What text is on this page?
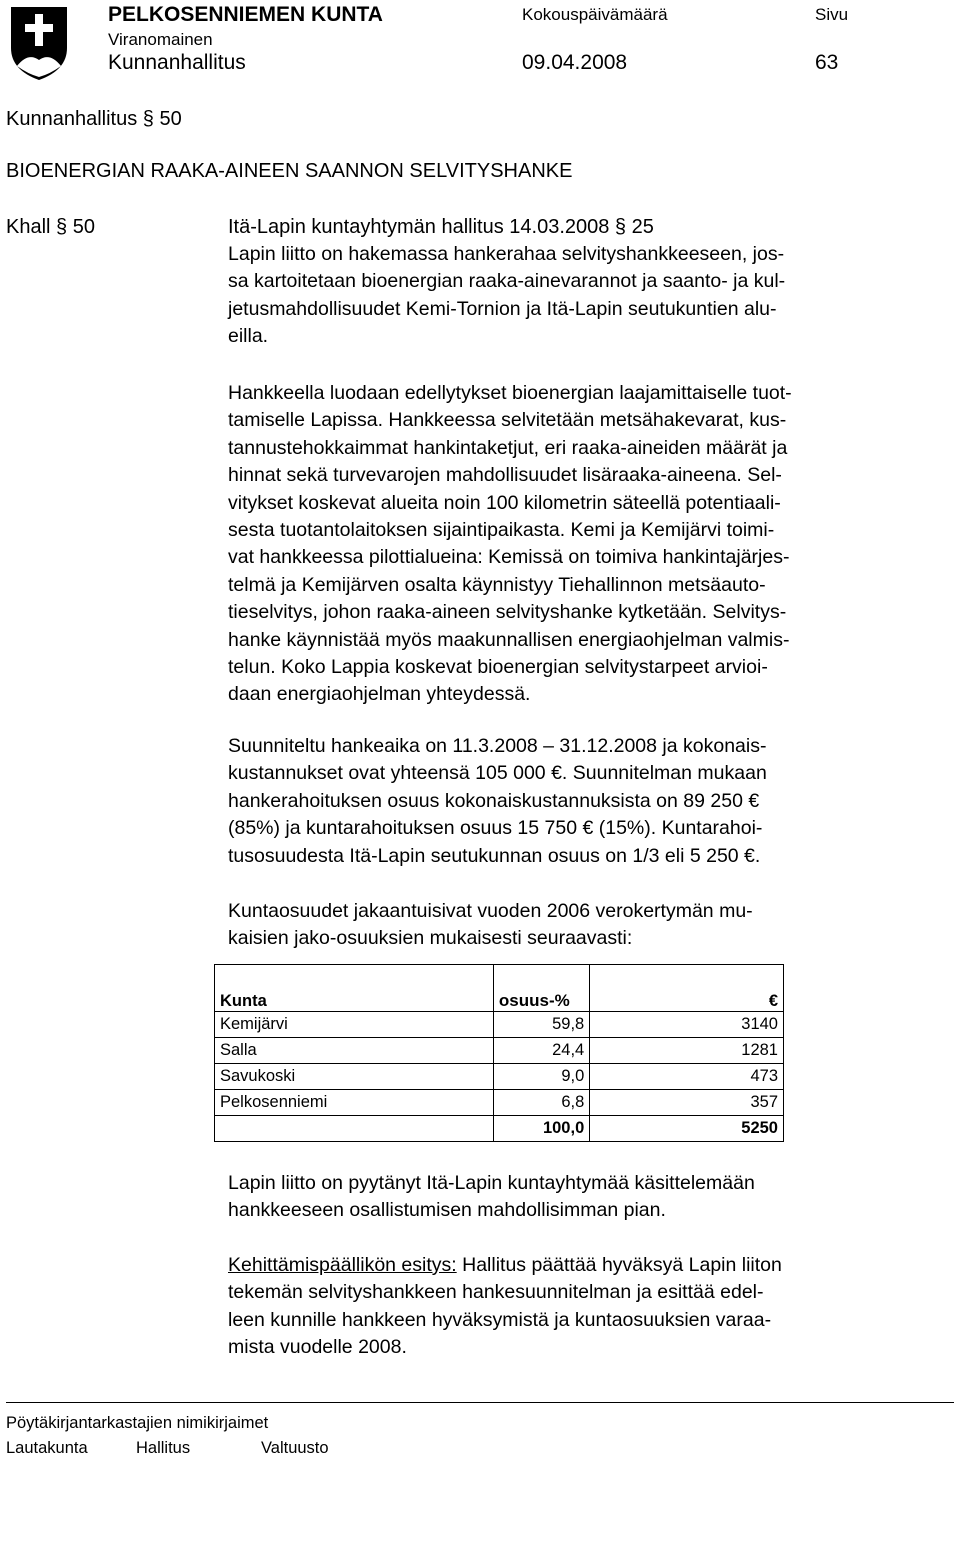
PELKOSENNIEMEN KUNTA
Viranomainen
Kunnanhallitus
Kokouspäivämäärä
09.04.2008
Sivu
63
Kunnanhallitus § 50
BIOENERGIAN RAAKA-AINEEN SAANNON SELVITYSHANKE
Khall § 50	Itä-Lapin kuntayhtymän hallitus 14.03.2008 § 25
Lapin liitto on hakemassa hankerahaa selvityshankkeeseen, jos-
sa kartoitetaan bioenergian raaka-ainevarannot ja saanto- ja kul-
jetusmahdollisuudet Kemi-Tornion ja Itä-Lapin seutukuntien alu-
eilla.
Hankkeella luodaan edellytykset bioenergian laajamittaiselle tuot-
tamiselle Lapissa. Hankkeessa selvitetään metsähakevarat, kus-
tannustehokkaimmat hankintaketjut, eri raaka-aineiden määrät ja
hinnat sekä turvevarojen mahdollisuudet lisäraaka-aineena. Sel-
vitykset koskevat alueita noin 100 kilometrin säteellä potentiaali-
sesta tuotantolaitoksen sijaintipaikasta. Kemi ja Kemijärvi toimi-
vat hankkeessa pilottialueina: Kemissä on toimiva hankintajärjes-
telmä ja Kemijärven osalta käynnistyy Tiehallinnon metsäauto-
tieselvitys, johon raaka-aineen selvityshanke kytketään. Selvitys-
hanke käynnistää myös maakunnallisen energiaohjelman valmis-
telun. Koko Lappia koskevat bioenergian selvitystarpeet arvioi-
daan energiaohjelman yhteydessä.
Suunniteltu hankeaika on 11.3.2008 – 31.12.2008 ja kokonais-
kustannukset ovat yhteensä 105 000 €. Suunnitelman mukaan
hankerahoituksen osuus kokonaiskustannuksista on 89 250 €
(85%) ja kuntarahoituksen osuus 15 750 € (15%). Kuntarahoi-
tusosuudesta Itä-Lapin seutukunnan osuus on 1/3 eli 5 250 €.
Kuntaosuudet jakaantuisivat vuoden 2006 verokertymän mu-
kaisien jako-osuuksien mukaisesti seuraavasti:
Kunta	osuus-%	€
Kemijärvi	59,8	3140
Salla	24,4	1281
Savukoski	9,0	473
Pelkosenniemi	6,8	357
	100,0	5250
Lapin liitto on pyytänyt Itä-Lapin kuntayhtymää käsittelemään
hankkeeseen osallistumisen mahdollisimman pian.
Kehittämispäällikön esitys: Hallitus päättää hyväksyä Lapin liiton
tekemän selvityshankkeen hankesuunnitelman ja esittää edel-
leen kunnille hankkeen hyväksymistä ja kuntaosuuksien varaa-
mista vuodelle 2008.
Pöytäkirjantarkastajien nimikirjaimet
Lautakunta	Hallitus	Valtuusto
